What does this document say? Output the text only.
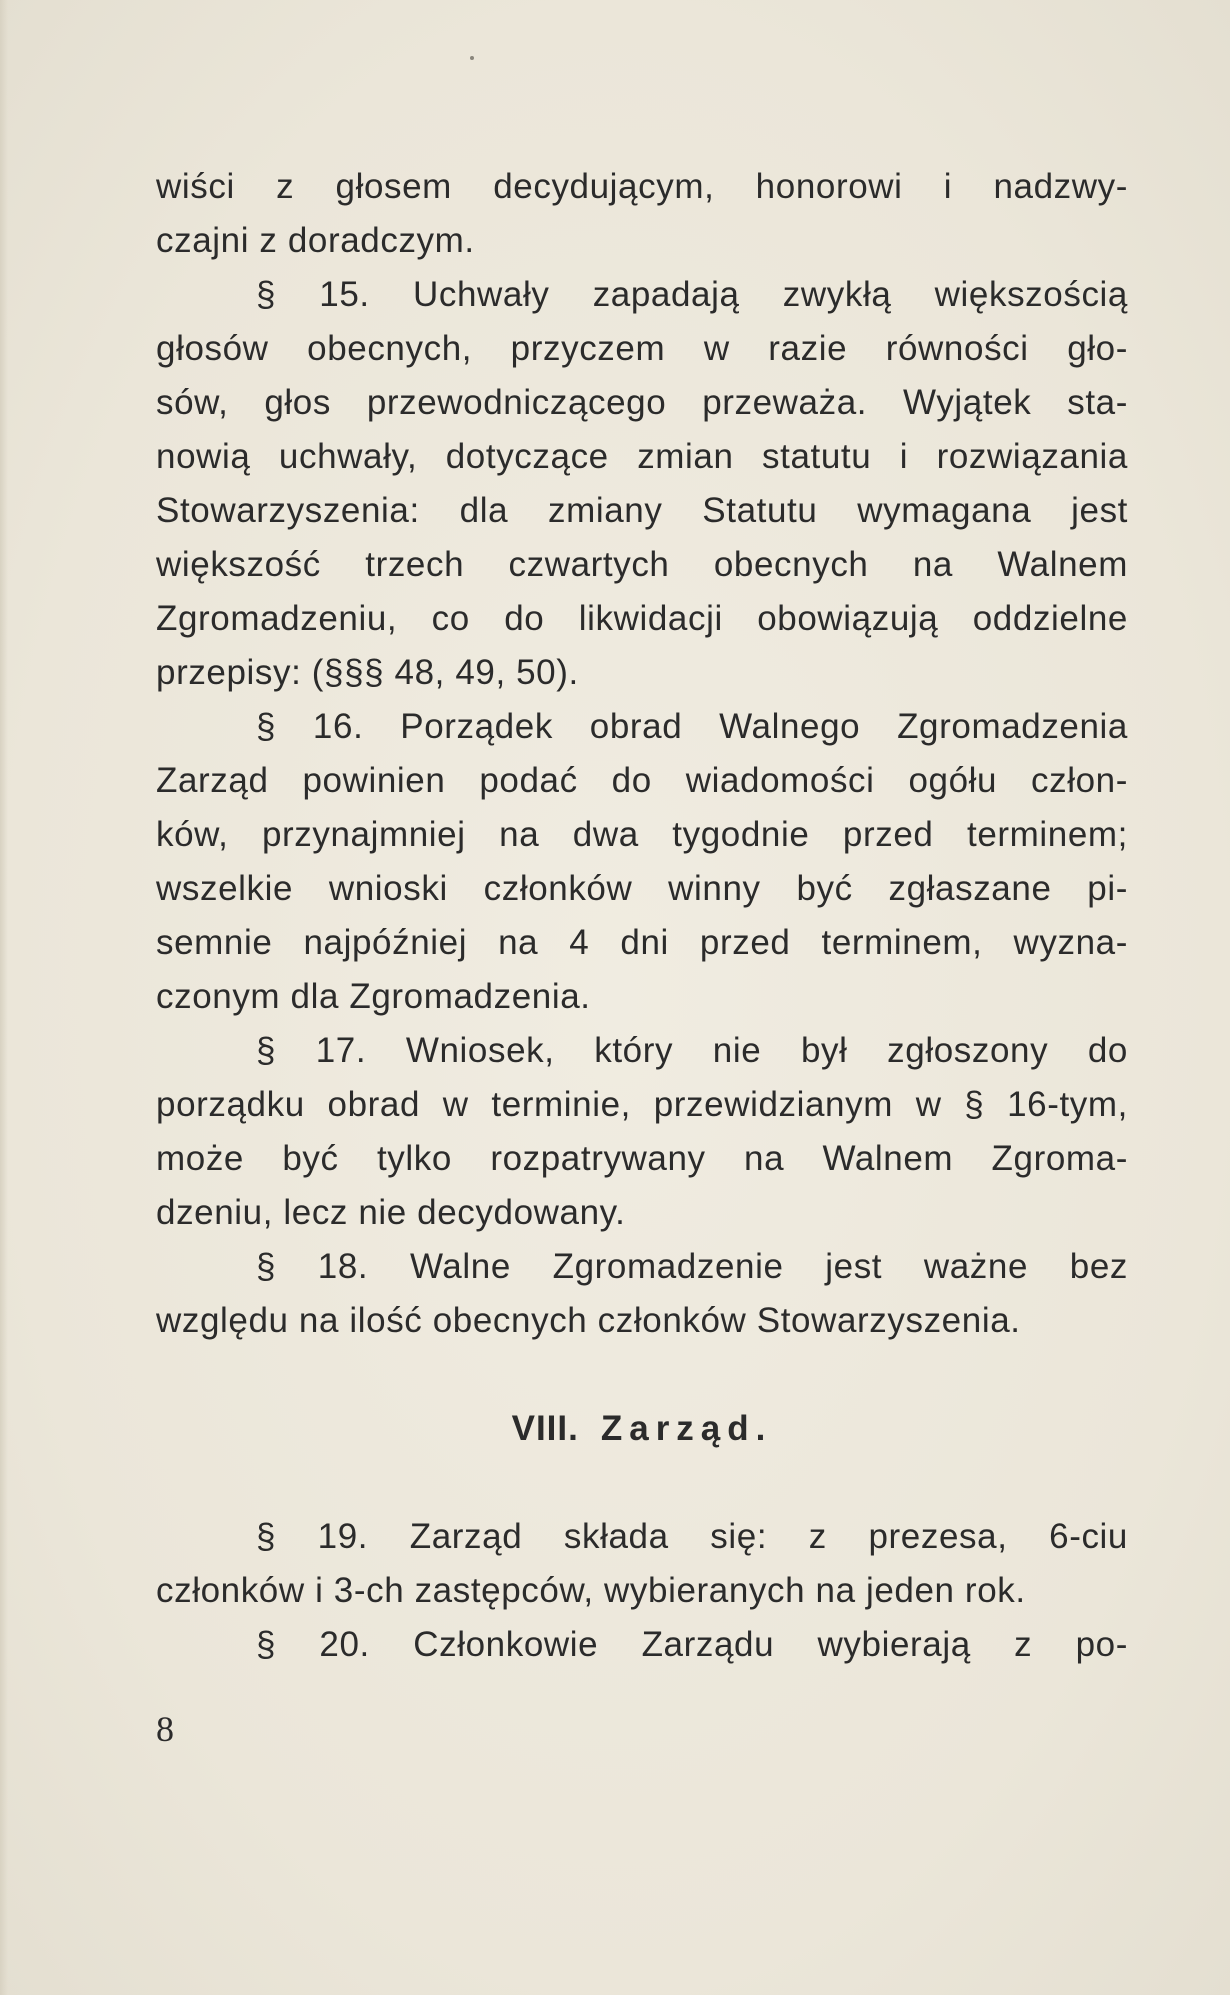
wiści z głosem decydującym, honorowi i nadzwy-
czajni z doradczym.
§ 15. Uchwały zapadają zwykłą większością
głosów obecnych, przyczem w razie równości gło-
sów, głos przewodniczącego przeważa. Wyjątek sta-
nowią uchwały, dotyczące zmian statutu i rozwiązania
Stowarzyszenia: dla zmiany Statutu wymagana jest
większość trzech czwartych obecnych na Walnem
Zgromadzeniu, co do likwidacji obowiązują oddzielne
przepisy: (§§§ 48, 49, 50).
§ 16. Porządek obrad Walnego Zgromadzenia
Zarząd powinien podać do wiadomości ogółu człon-
ków, przynajmniej na dwa tygodnie przed terminem;
wszelkie wnioski członków winny być zgłaszane pi-
semnie najpóźniej na 4 dni przed terminem, wyzna-
czonym dla Zgromadzenia.
§ 17. Wniosek, który nie był zgłoszony do
porządku obrad w terminie, przewidzianym w § 16-tym,
może być tylko rozpatrywany na Walnem Zgroma-
dzeniu, lecz nie decydowany.
§ 18. Walne Zgromadzenie jest ważne bez
względu na ilość obecnych członków Stowarzyszenia.
VIII. Zarząd.
§ 19. Zarząd składa się: z prezesa, 6-ciu
członków i 3-ch zastępców, wybieranych na jeden rok.
§ 20. Członkowie Zarządu wybierają z po-
8
